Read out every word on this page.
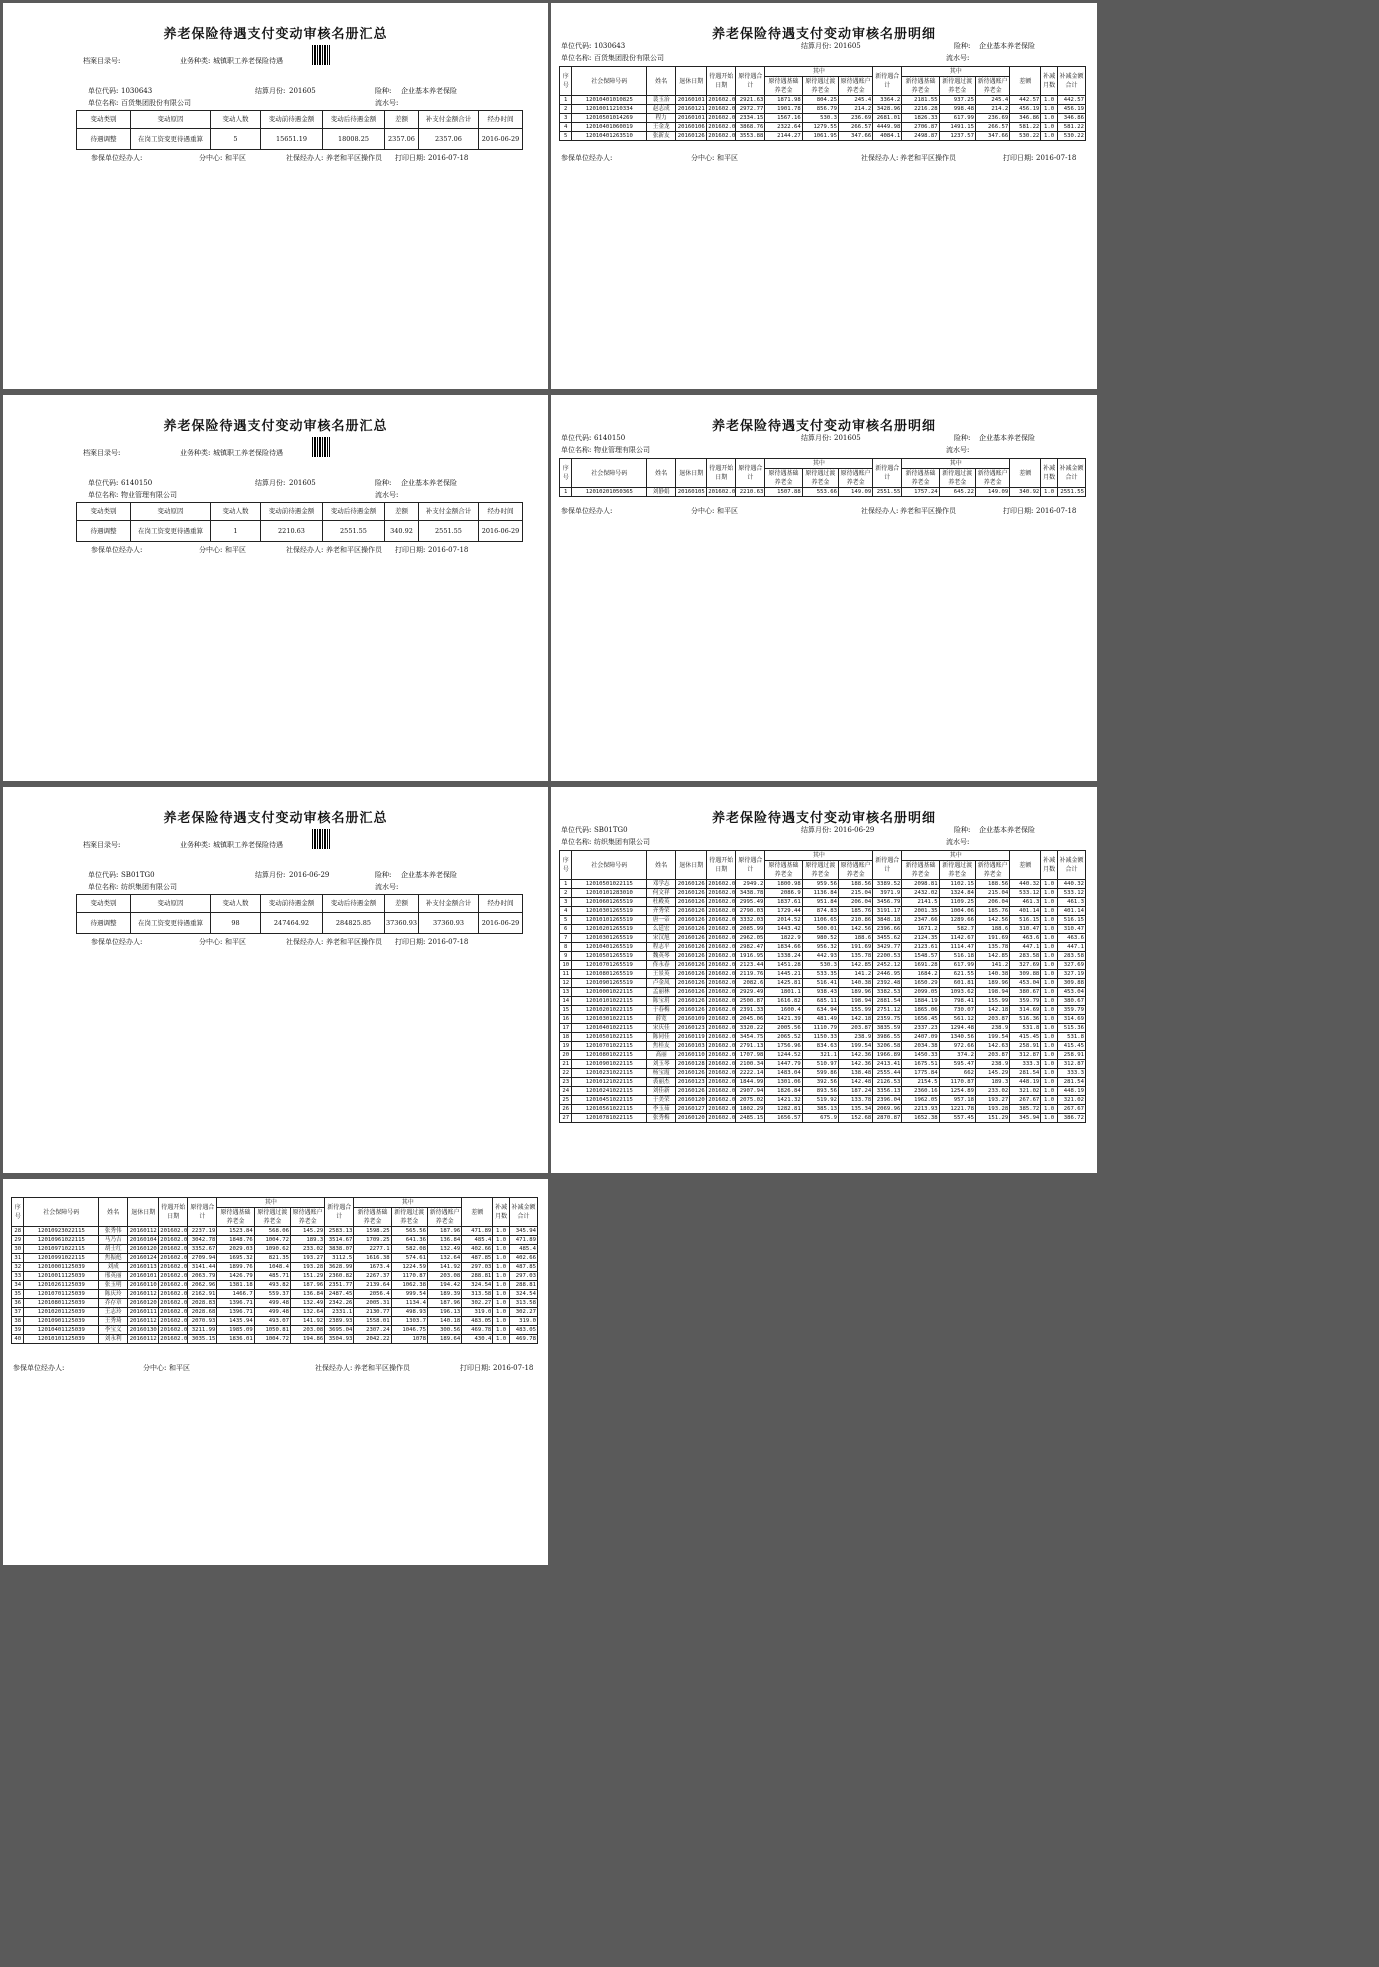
养老保险待遇支付变动审核名册汇总
档案目录号:	业务种类: 城镇职工养老保险待遇
单位代码: 1030643	结算月份: 201605	险种: 企业基本养老保险
单位名称: 百货集团股份有限公司	流水号:
变动类别	变动原因	变动人数	变动前待遇金额	变动后待遇金额	差额	补支付金额合计	经办时间
待遇调整	在岗工资变更待遇重算	5	15651.19	18008.25	2357.06	2357.06	2016-06-29
参保单位经办人:	分中心: 和平区	社保经办人: 养老和平区操作员 打印日期: 2016-07-18
养老保险待遇支付变动审核名册明细
单位代码: 1030643	结算月份: 201605	险种: 企业基本养老保险
单位名称: 百货集团股份有限公司	流水号:
序号	社会保障号码	姓名	退休日期	待遇开始日期	原待遇合计	其中			新待遇合计	其中			差额	补减月数	补减金额合计
						原待遇基础养老金	原待遇过渡养老金	原待遇账户养老金		新待遇基础养老金	新待遇过渡养老金	新待遇账户养老金			
1	12010401010825	裴玉治	20160101	201602.0	2921.63	1871.98	804.25	245.4	3364.2	2181.55	937.25	245.4	442.57	1.0	442.57
2	12010011210334	赵志成	20160121	201602.0	2972.77	1901.78	856.79	214.2	3428.96	2216.28	998.48	214.2	456.19	1.0	456.19
3	12010501014269	程力	20160101	201602.0	2334.15	1567.16	530.3	236.69	2681.01	1826.33	617.99	236.69	346.86	1.0	346.86
4	12010401060019	王金龙	20160106	201602.0	3868.76	2322.64	1279.55	266.57	4449.98	2706.87	1491.15	266.57	581.22	1.0	581.22
5	12010401263510	张新友	20160126	201602.0	3553.88	2144.27	1061.95	347.66	4084.1	2498.87	1237.57	347.66	530.22	1.0	530.22
参保单位经办人:	分中心: 和平区	社保经办人: 养老和平区操作员	打印日期: 2016-07-18
养老保险待遇支付变动审核名册汇总
档案目录号:	业务种类: 城镇职工养老保险待遇
单位代码: 6140150	结算月份: 201605	险种: 企业基本养老保险
单位名称: 物业管理有限公司	流水号:
变动类别	变动原因	变动人数	变动前待遇金额	变动后待遇金额	差额	补支付金额合计	经办时间
待遇调整	在岗工资变更待遇重算	1	2210.63	2551.55	340.92	2551.55	2016-06-29
参保单位经办人:	分中心: 和平区	社保经办人: 养老和平区操作员 打印日期: 2016-07-18
养老保险待遇支付变动审核名册明细
单位代码: 6140150	结算月份: 201605	险种: 企业基本养老保险
单位名称: 物业管理有限公司	流水号:
序号	社会保障号码	姓名	退休日期	待遇开始日期	原待遇合计	其中			新待遇合计	其中			差额	补减月数	补减金额合计
						原待遇基础养老金	原待遇过渡养老金	原待遇账户养老金		新待遇基础养老金	新待遇过渡养老金	新待遇账户养老金			
1	12010201050365	刘静娟	20160105	201602.0	2210.63	1507.88	553.66	149.09	2551.55	1757.24	645.22	149.09	340.92	1.0	2551.55
参保单位经办人:	分中心: 和平区	社保经办人: 养老和平区操作员	打印日期: 2016-07-18
养老保险待遇支付变动审核名册汇总
档案目录号:	业务种类: 城镇职工养老保险待遇
单位代码: SB01TG0	结算月份: 2016-06-29	险种: 企业基本养老保险
单位名称: 纺织集团有限公司	流水号:
变动类别	变动原因	变动人数	变动前待遇金额	变动后待遇金额	差额	补支付金额合计	经办时间
待遇调整	在岗工资变更待遇重算	98	247464.92	284825.85	37360.93	37360.93	2016-06-29
参保单位经办人:	分中心: 和平区	社保经办人: 养老和平区操作员 打印日期: 2016-07-18
养老保险待遇支付变动审核名册明细
单位代码: SB01TG0	结算月份: 2016-06-29	险种: 企业基本养老保险
单位名称: 纺织集团有限公司	流水号:
序号	社会保障号码	姓名	退休日期	待遇开始日期	原待遇合计	其中			新待遇合计	其中			差额	补减月数	补减金额合计
						原待遇基础养老金	原待遇过渡养老金	原待遇账户养老金		新待遇基础养老金	新待遇过渡养老金	新待遇账户养老金			
1	12010501022115	邓学志	20160126	201602.0	2949.2	1800.98	959.56	188.56	3389.52	2098.81	1102.15	188.56	440.32	1.0	440.32
2	12010101283010	何文祥	20160126	201602.0	3438.78	2086.9	1136.84	215.04	3971.9	2432.02	1324.84	215.04	533.12	1.0	533.12
3	12010601265519	杜殿英	20160126	201602.0	2995.49	1837.61	951.84	206.04	3456.79	2141.5	1109.25	206.04	461.3	1.0	461.3
4	12010301265519	齐秀荣	20160126	201602.0	2790.03	1729.44	874.83	185.76	3191.17	2001.35	1004.06	185.76	401.14	1.0	401.14
5	12010101265519	唐一帝	20160126	201602.0	3332.03	2014.52	1106.65	210.86	3848.18	2347.66	1289.66	142.56	516.15	1.0	516.15
6	12010201265519	么廷宏	20160126	201602.0	2085.99	1443.42	500.01	142.56	2396.66	1671.2	582.7	188.6	310.47	1.0	310.47
7	12010301265519	宋汉旭	20160126	201602.0	2962.05	1822.9	980.52	188.6	3455.62	2124.35	1142.67	191.69	463.6	1.0	463.6
8	12010401265519	程志平	20160126	201602.0	2982.47	1834.66	956.32	191.69	3429.77	2123.61	1114.47	135.78	447.1	1.0	447.1
9	12010501265519	魏英琴	20160126	201602.0	1916.95	1338.24	442.93	135.78	2200.53	1548.57	516.18	142.85	283.58	1.0	283.58
10	12010701265519	佟永春	20160126	201602.0	2123.44	1451.28	530.3	142.85	2452.12	1691.28	617.99	141.2	327.69	1.0	327.69
11	12010801265519	王景英	20160126	201602.0	2119.76	1445.21	533.35	141.2	2446.95	1684.2	621.55	140.38	309.88	1.0	327.19
12	12010901265519	卢金凤	20160126	201602.0	2082.6	1425.81	516.41	140.38	2392.48	1650.29	601.81	189.96	453.04	1.0	309.88
13	12010001022115	孟丽林	20160126	201602.0	2929.49	1801.1	938.43	189.96	3382.53	2099.05	1093.62	198.94	380.67	1.0	453.04
14	12010101022115	陈宝玥	20160126	201602.0	2500.87	1616.82	685.11	198.94	2881.54	1884.19	798.41	155.99	359.79	1.0	380.67
15	12010201022115	于春梅	20160126	201602.0	2391.33	1600.4	634.94	155.99	2751.12	1865.06	730.07	142.18	314.69	1.0	359.79
16	12010301022115	薛宽	20160109	201602.0	2045.06	1421.39	481.49	142.18	2359.75	1656.45	561.12	203.87	516.36	1.0	314.69
17	12010401022115	宋庆佳	20160123	201602.0	3320.22	2005.56	1110.79	203.87	3835.59	2337.23	1294.48	238.9	531.8	1.0	515.36
18	12010501022115	陈同佳	20160119	201602.0	3454.75	2065.52	1150.33	238.9	3986.55	2407.09	1340.56	199.54	415.45	1.0	531.8
19	12010701022115	焦桂友	20160103	201602.0	2791.13	1756.96	834.63	199.54	3206.58	2034.38	972.66	142.63	258.91	1.0	415.45
20	12010801022115	高丽	20160110	201602.0	1707.98	1244.52	321.1	142.36	1966.89	1450.33	374.2	203.87	312.87	1.0	258.91
21	12010901022115	刘玉琴	20160128	201602.0	2100.34	1447.79	510.97	142.36	2413.41	1675.51	595.47	238.9	333.3	1.0	312.87
22	12010231022115	杨宝霞	20160126	201602.0	2222.14	1483.04	599.86	138.48	2555.44	1775.84	662	145.29	281.54	1.0	333.3
23	12010121022115	裘丽杰	20160123	201602.0	1844.99	1301.06	392.56	142.48	2126.53	2154.5	1170.87	189.3	448.19	1.0	281.54
24	12010241022115	刘佳新	20160126	201602.0	2907.94	1826.84	893.56	187.24	3356.13	2360.16	1254.89	233.02	321.02	1.0	448.19
25	12010451022115	于美荣	20160120	201602.0	2075.02	1421.32	519.92	133.78	2396.04	1962.05	957.18	193.27	267.67	1.0	321.02
26	12010561022115	李玉茹	20160127	201602.0	1802.29	1282.81	385.13	135.34	2069.96	2213.93	1221.78	193.28	385.72	1.0	267.67
27	12010781022115	张秀梅	20160120	201602.0	2485.15	1656.57	675.9	152.68	2870.87	1652.38	557.45	151.29	345.94	1.0	386.72
序号	社会保障号码	姓名	退休日期	待遇开始日期	原待遇合计	其中			新待遇合计	其中			差额	补减月数	补减金额合计
						原待遇基础养老金	原待遇过渡养老金	原待遇账户养老金		新待遇基础养老金	新待遇过渡养老金	新待遇账户养老金			
28	12010923022115	张秀伟	20160112	201602.0	2237.19	1523.84	568.06	145.29	2583.13	1598.25	565.56	187.96	471.89	1.0	345.94
29	12010961022115	马乃吉	20160104	201602.0	3042.78	1848.76	1004.72	189.3	3514.67	1709.25	641.36	136.84	485.4	1.0	471.89
30	12010971022115	胡士红	20160120	201602.0	3352.67	2029.03	1090.62	233.02	3838.07	2277.1	582.08	132.49	402.66	1.0	485.4
31	12010991022115	焦振彪	20160124	201602.0	2709.94	1695.32	821.35	193.27	3112.5	1616.38	574.61	132.64	487.85	1.0	402.66
32	12010001125039	刘成	20160113	201602.0	3141.44	1899.76	1048.4	193.28	3628.99	1673.4	1224.59	141.92	297.03	1.0	487.85
33	12010011125039	邢英丽	20160101	201602.0	2063.79	1426.79	485.71	151.29	2360.82	2267.37	1170.87	203.08	288.81	1.0	297.03
34	12010261125039	张玉明	20160110	201602.0	2062.96	1381.18	493.82	187.96	2351.77	2139.64	1062.38	194.42	324.54	1.0	288.81
35	12010701125039	陈庆玲	20160112	201602.0	2162.91	1466.7	559.37	136.84	2487.45	2056.4	999.54	189.39	313.58	1.0	324.54
36	12010801125039	乔存章	20160120	201602.0	2028.83	1396.71	499.48	132.49	2342.26	2005.31	1134.4	187.96	302.27	1.0	313.58
37	12010201125039	王志玲	20160111	201602.0	2028.68	1396.71	499.48	132.64	2331.1	2130.77	498.93	196.13	319.0	1.0	302.27
38	12010901125039	王秀琦	20160112	201602.0	2070.93	1435.94	493.07	141.92	2389.93	1558.01	1303.7	140.18	483.05	1.0	319.0
39	12010401125039	李宝义	20160130	201602.0	3211.99	1985.09	1050.81	203.08	3695.04	2307.24	1046.75	300.56	469.78	1.0	483.05
40	12010101125039	刘永利	20160112	201602.0	3035.15	1836.01	1004.72	194.86	3504.93	2042.22	1078	189.64	430.4	1.0	469.78
参保单位经办人:	分中心: 和平区	社保经办人: 养老和平区操作员	打印日期: 2016-07-18
